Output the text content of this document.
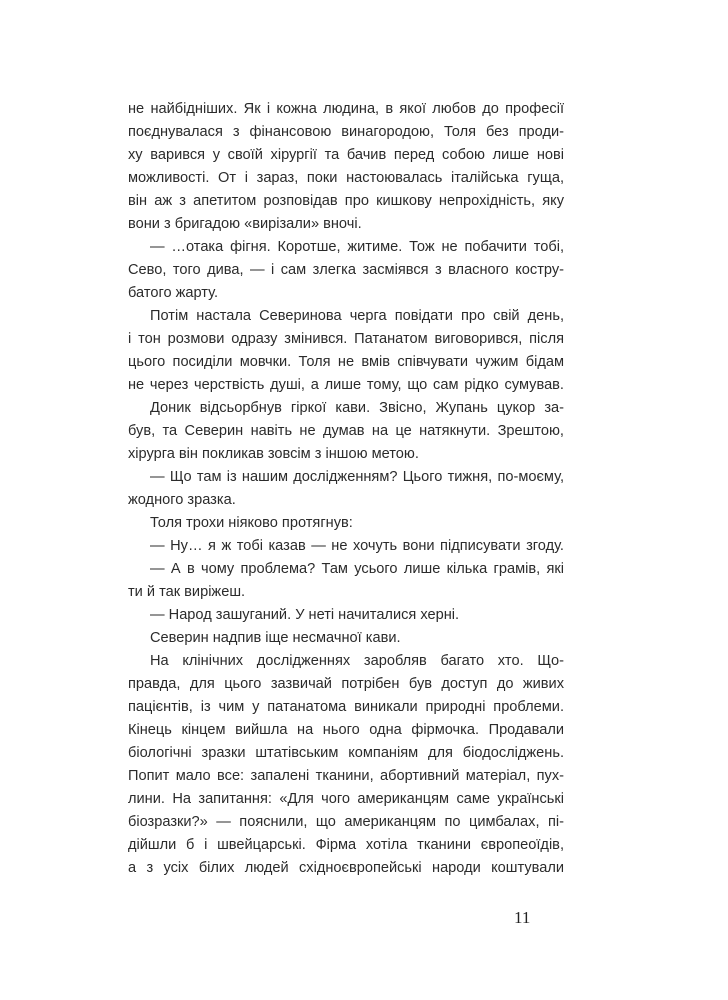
не найбідніших. Як і кожна людина, в якої любов до професії
поєднувалася з фінансовою винагородою, Толя без проди-
ху варився у своїй хірургії та бачив перед собою лише нові
можливості. От і зараз, поки настоювалась італійська гуща,
він аж з апетитом розповідав про кишкову непрохідність, яку
вони з бригадою «вирізали» вночі.
— …отака фігня. Коротше, житиме. Тож не побачити тобі,
Сево, того дива, — і сам злегка засміявся з власного костру-
батого жарту.
Потім настала Северинова черга повідати про свій день,
і тон розмови одразу змінився. Патанатом виговорився, після
цього посиділи мовчки. Толя не вмів співчувати чужим бідам
не через черствість душі, а лише тому, що сам рідко сумував.
Доник відсьорбнув гіркої кави. Звісно, Жупань цукор за-
був, та Северин навіть не думав на це натякнути. Зрештою,
хірурга він покликав зовсім з іншою метою.
— Що там із нашим дослідженням? Цього тижня, по-моєму,
жодного зразка.
Толя трохи ніяково протягнув:
— Ну… я ж тобі казав — не хочуть вони підписувати згоду.
— А в чому проблема? Там усього лише кілька грамів, які
ти й так виріжеш.
— Народ зашуганий. У неті начиталися херні.
Северин надпив іще несмачної кави.
На клінічних дослідженнях заробляв багато хто. Що-
правда, для цього зазвичай потрібен був доступ до живих
пацієнтів, із чим у патанатома виникали природні проблеми.
Кінець кінцем вийшла на нього одна фірмочка. Продавали
біологічні зразки штатівським компаніям для біодосліджень.
Попит мало все: запалені тканини, абортивний матеріал, пух-
лини. На запитання: «Для чого американцям саме українські
біозразки?» — пояснили, що американцям по цимбалах, пі-
дійшли б і швейцарські. Фірма хотіла тканини європеоїдів,
а з усіх білих людей східноєвропейські народи коштували
11
